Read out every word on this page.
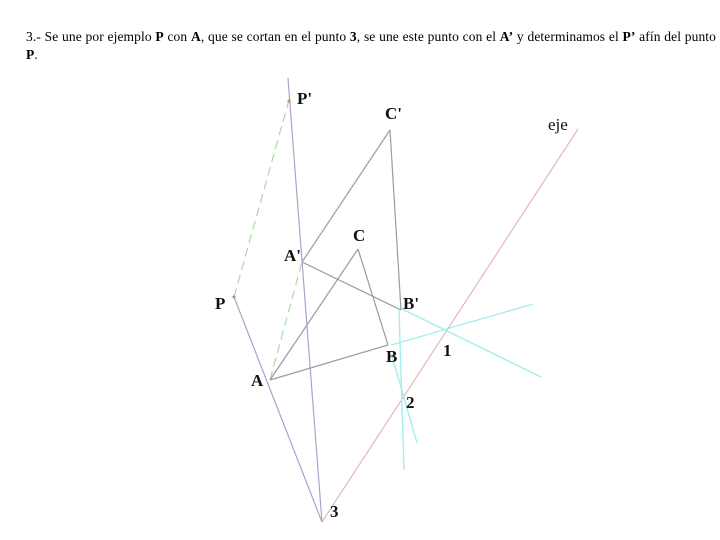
3.- Se une por ejemplo P con A, que se cortan en el punto 3, se une este punto con el A’ y determinamos el P’ afín del punto P.
P'
C'
eje
C
A'
P	B'
1
B
A
2
3
